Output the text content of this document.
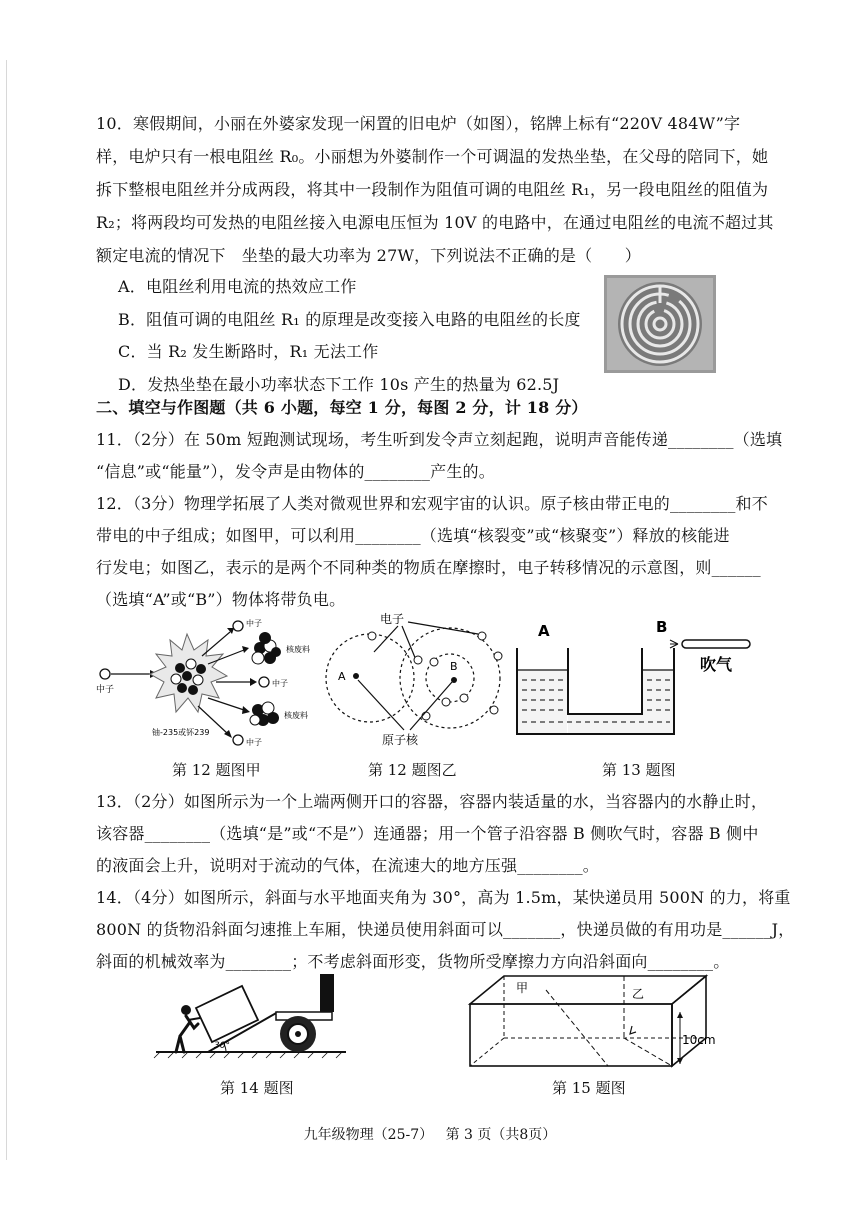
10．寒假期间，小丽在外婆家发现一闲置的旧电炉（如图），铭牌上标有“220V 484W”字
样，电炉只有一根电阻丝 R₀。小丽想为外婆制作一个可调温的发热坐垫，在父母的陪同下，她
拆下整根电阻丝并分成两段，将其中一段制作为阻值可调的电阻丝 R₁，另一段电阻丝的阻值为
R₂；将两段均可发热的电阻丝接入电源电压恒为 10V 的电路中，在通过电阻丝的电流不超过其
额定电流的情况下　坐垫的最大功率为 27W，下列说法不正确的是（　　）
A．电阻丝利用电流的热效应工作
B．阻值可调的电阻丝 R₁ 的原理是改变接入电路的电阻丝的长度
C．当 R₂ 发生断路时，R₁ 无法工作
D．发热坐垫在最小功率状态下工作 10s 产生的热量为 62.5J
二、填空与作图题（共 6 小题，每空 1 分，每图 2 分，计 18 分）
11．（2分）在 50m 短跑测试现场，考生听到发令声立刻起跑，说明声音能传递________（选填
“信息”或“能量”），发令声是由物体的________产生的。
12．（3分）物理学拓展了人类对微观世界和宏观宇宙的认识。原子核由带正电的________和不
带电的中子组成；如图甲，可以利用________（选填“核裂变”或“核聚变”）释放的核能进
行发电；如图乙，表示的是两个不同种类的物质在摩擦时，电子转移情况的示意图，则______
（选填“A”或“B”）物体将带负电。
中子
铀-235或钚239
中子
核废料
中子
核废料
中子
第 12 题图甲
电子
A
B
原子核
第 12 题图乙
A	B
吹气
第 13 题图
13．（2分）如图所示为一个上端两侧开口的容器，容器内装适量的水，当容器内的水静止时，
该容器________（选填“是”或“不是”）连通器；用一个管子沿容器 B 侧吹气时，容器 B 侧中
的液面会上升，说明对于流动的气体，在流速大的地方压强________。
14．（4分）如图所示，斜面与水平地面夹角为 30°，高为 1.5m，某快递员用 500N 的力，将重
800N 的货物沿斜面匀速推上车厢，快递员使用斜面可以_______，快递员做的有用功是______J，
斜面的机械效率为________；不考虑斜面形变，货物所受摩擦力方向沿斜面向________。
30°
第 14 题图
甲	乙
10cm
第 15 题图
九年级物理（25-7） 第 3 页（共8页）
